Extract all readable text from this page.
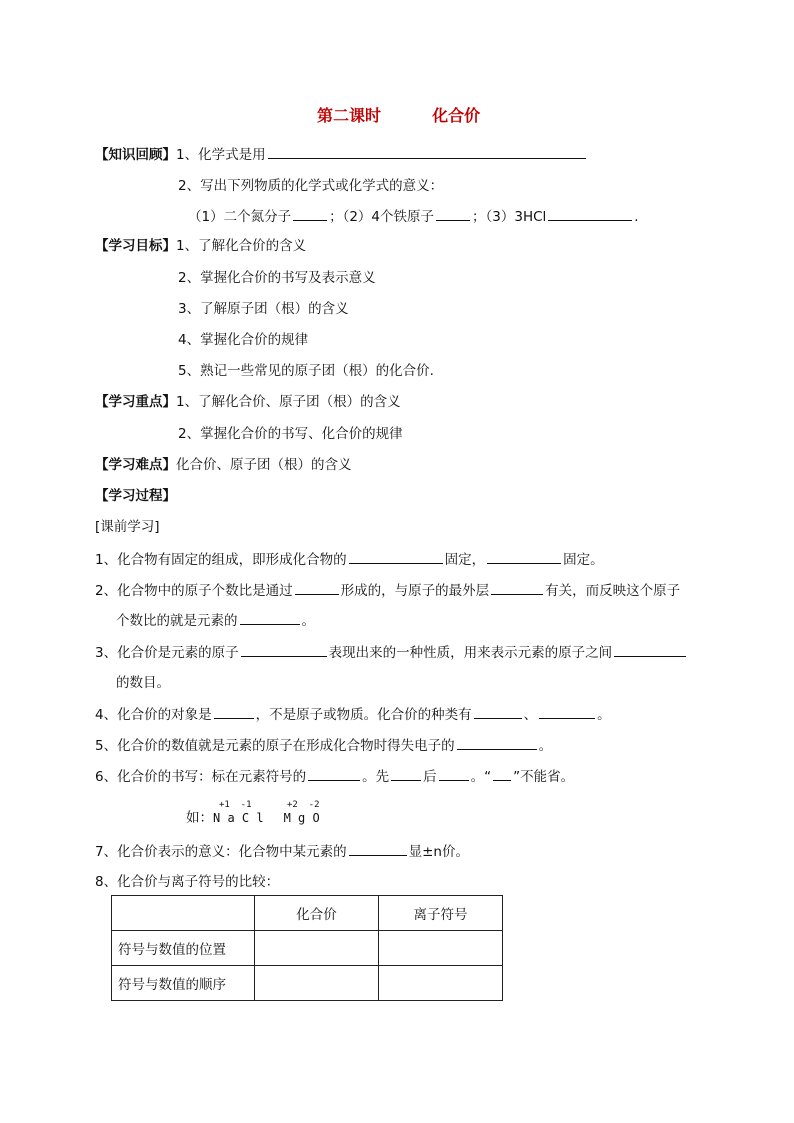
第二课时	化合价
【知识回顾】1、化学式是用
2、写出下列物质的化学式或化学式的意义：
（1）二个氮分子	；（2）4个铁原子	；（3）3HCl	.
【学习目标】1、了解化合价的含义
2、掌握化合价的书写及表示意义
3、了解原子团（根）的含义
4、掌握化合价的规律
5、熟记一些常见的原子团（根）的化合价.
【学习重点】1、了解化合价、原子团（根）的含义
2、掌握化合价的书写、化合价的规律
【学习难点】化合价、原子团（根）的含义
【学习过程】
[课前学习]
1、化合物有固定的组成，即形成化合物的	固定，	固定。
2、化合物中的原子个数比是通过	形成的，与原子的最外层	有关，而反映这个原子
个数比的就是元素的	。
3、化合价是元素的原子	表现出来的一种性质，用来表示元素的原子之间
的数目。
4、化合价的对象是	，不是原子或物质。化合价的种类有	、	。
5、化合价的数值就是元素的原子在形成化合物时得失电子的	。
6、化合价的书写：标在元素符号的	。先	后	。“ ”不能省。
+1  -1	+2  -2
如：N a C l M g O
7、化合价表示的意义：化合物中某元素的	显±n价。
8、化合价与离子符号的比较：
	化合价	离子符号
符号与数值的位置		
符号与数值的顺序		
